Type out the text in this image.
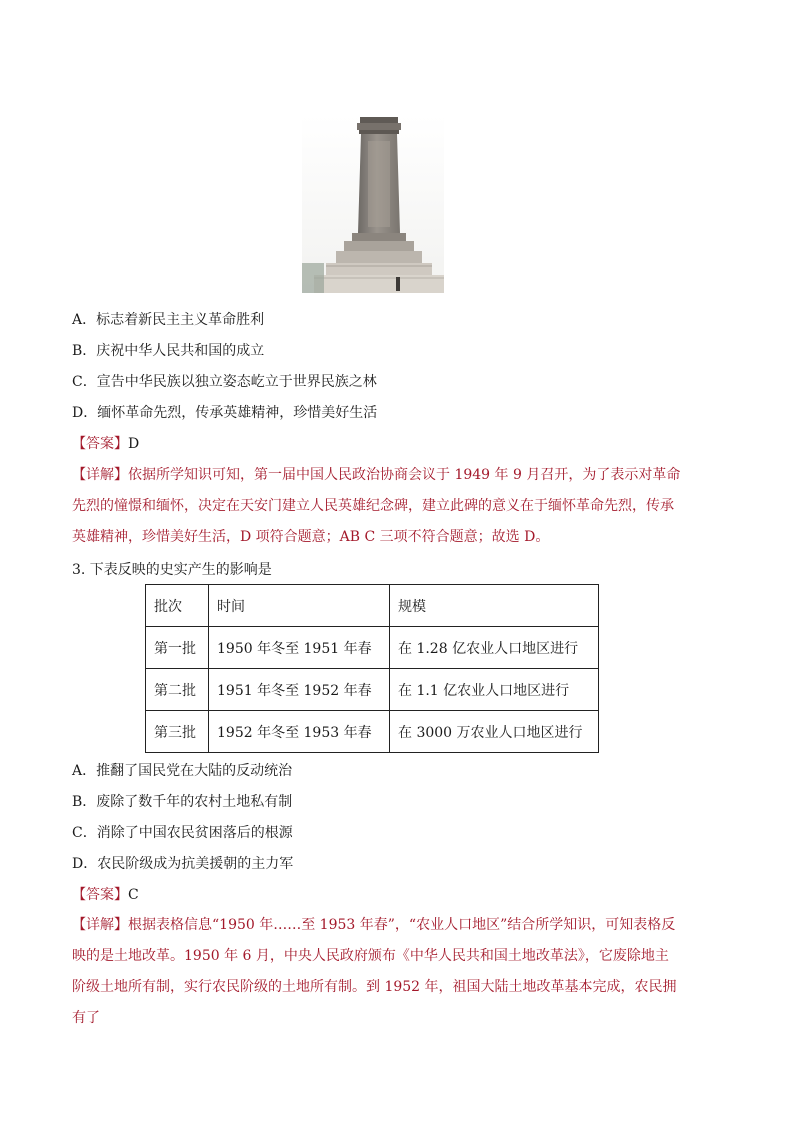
A．标志着新民主主义革命胜利
B．庆祝中华人民共和国的成立
C．宣告中华民族以独立姿态屹立于世界民族之林
D．缅怀革命先烈，传承英雄精神，珍惜美好生活
【答案】D
【详解】依据所学知识可知，第一届中国人民政治协商会议于 1949 年 9 月召开，为了表示对革命先烈的憧憬和缅怀，决定在天安门建立人民英雄纪念碑，建立此碑的意义在于缅怀革命先烈，传承英雄精神，珍惜美好生活，D 项符合题意；AB C 三项不符合题意；故选 D。
3. 下表反映的史实产生的影响是
批次	时间	规模
第一批	1950 年冬至 1951 年春	在 1.28 亿农业人口地区进行
第二批	1951 年冬至 1952 年春	在 1.1 亿农业人口地区进行
第三批	1952 年冬至 1953 年春	在 3000 万农业人口地区进行
A．推翻了国民党在大陆的反动统治
B．废除了数千年的农村土地私有制
C．消除了中国农民贫困落后的根源
D．农民阶级成为抗美援朝的主力军
【答案】C
【详解】根据表格信息“1950 年……至 1953 年春”，“农业人口地区”结合所学知识，可知表格反映的是土地改革。1950 年 6 月，中央人民政府颁布《中华人民共和国土地改革法》，它废除地主阶级土地所有制，实行农民阶级的土地所有制。到 1952 年，祖国大陆土地改革基本完成，农民拥有了
